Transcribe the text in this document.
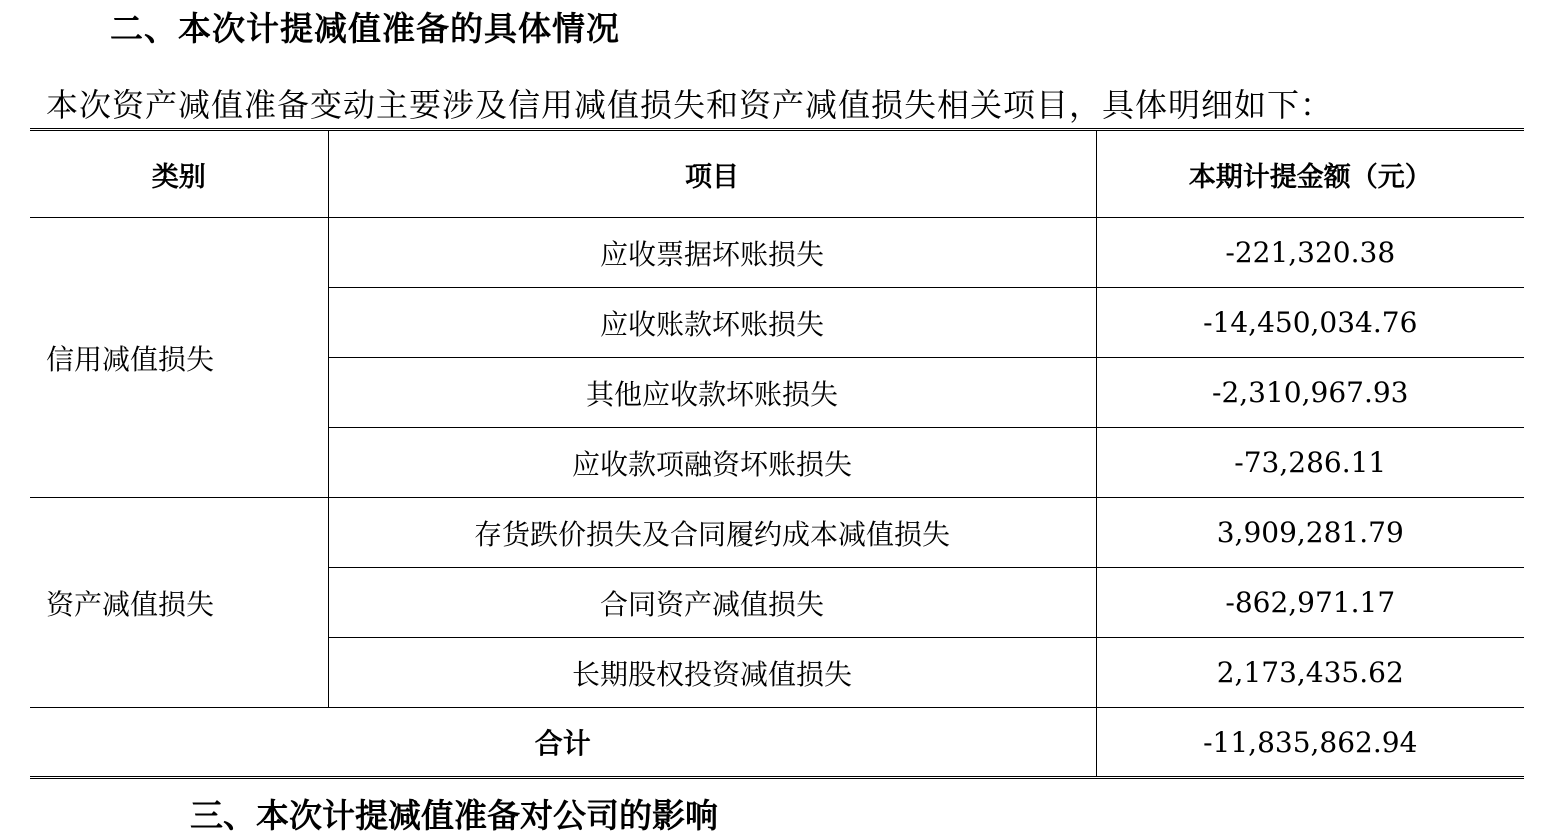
二、本次计提减值准备的具体情况
本次资产减值准备变动主要涉及信用减值损失和资产减值损失相关项目，具体明细如下：
类别	项目	本期计提金额（元）
信用减值损失	应收票据坏账损失	-221,320.38
	应收账款坏账损失	-14,450,034.76
	其他应收款坏账损失	-2,310,967.93
	应收款项融资坏账损失	-73,286.11
资产减值损失	存货跌价损失及合同履约成本减值损失	3,909,281.79
	合同资产减值损失	-862,971.17
	长期股权投资减值损失	2,173,435.62
合计		-11,835,862.94
三、本次计提减值准备对公司的影响
